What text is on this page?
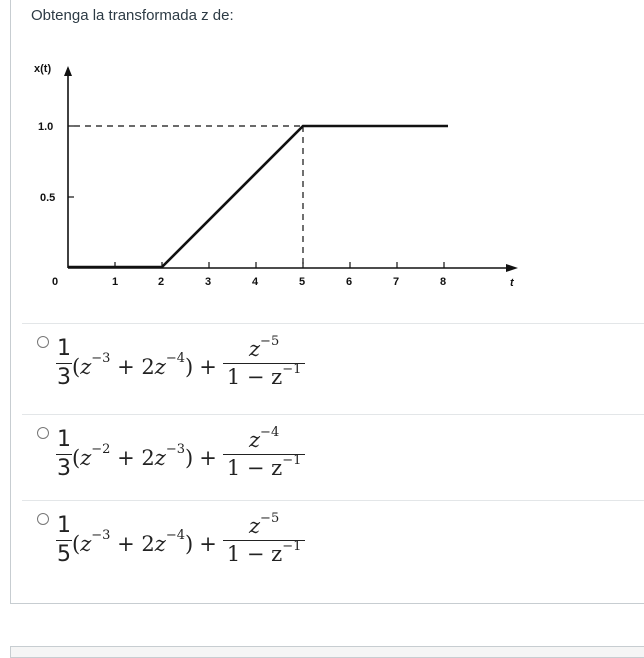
Obtenga la transformada z de:
x(t)
t
1.0
0.5
0	1	2	3	4	5	6	7	8
$\frac{1}{3} (z^{-3} + 2z^{-4}) + \frac{z^{-5}}{1 - z^{-1}}$
$\frac{1}{3} (z^{-2} + 2z^{-3}) + \frac{z^{-4}}{1 - z^{-1}}$
$\frac{1}{5} (z^{-3} + 2z^{-4}) + \frac{z^{-5}}{1 - z^{-1}}$
